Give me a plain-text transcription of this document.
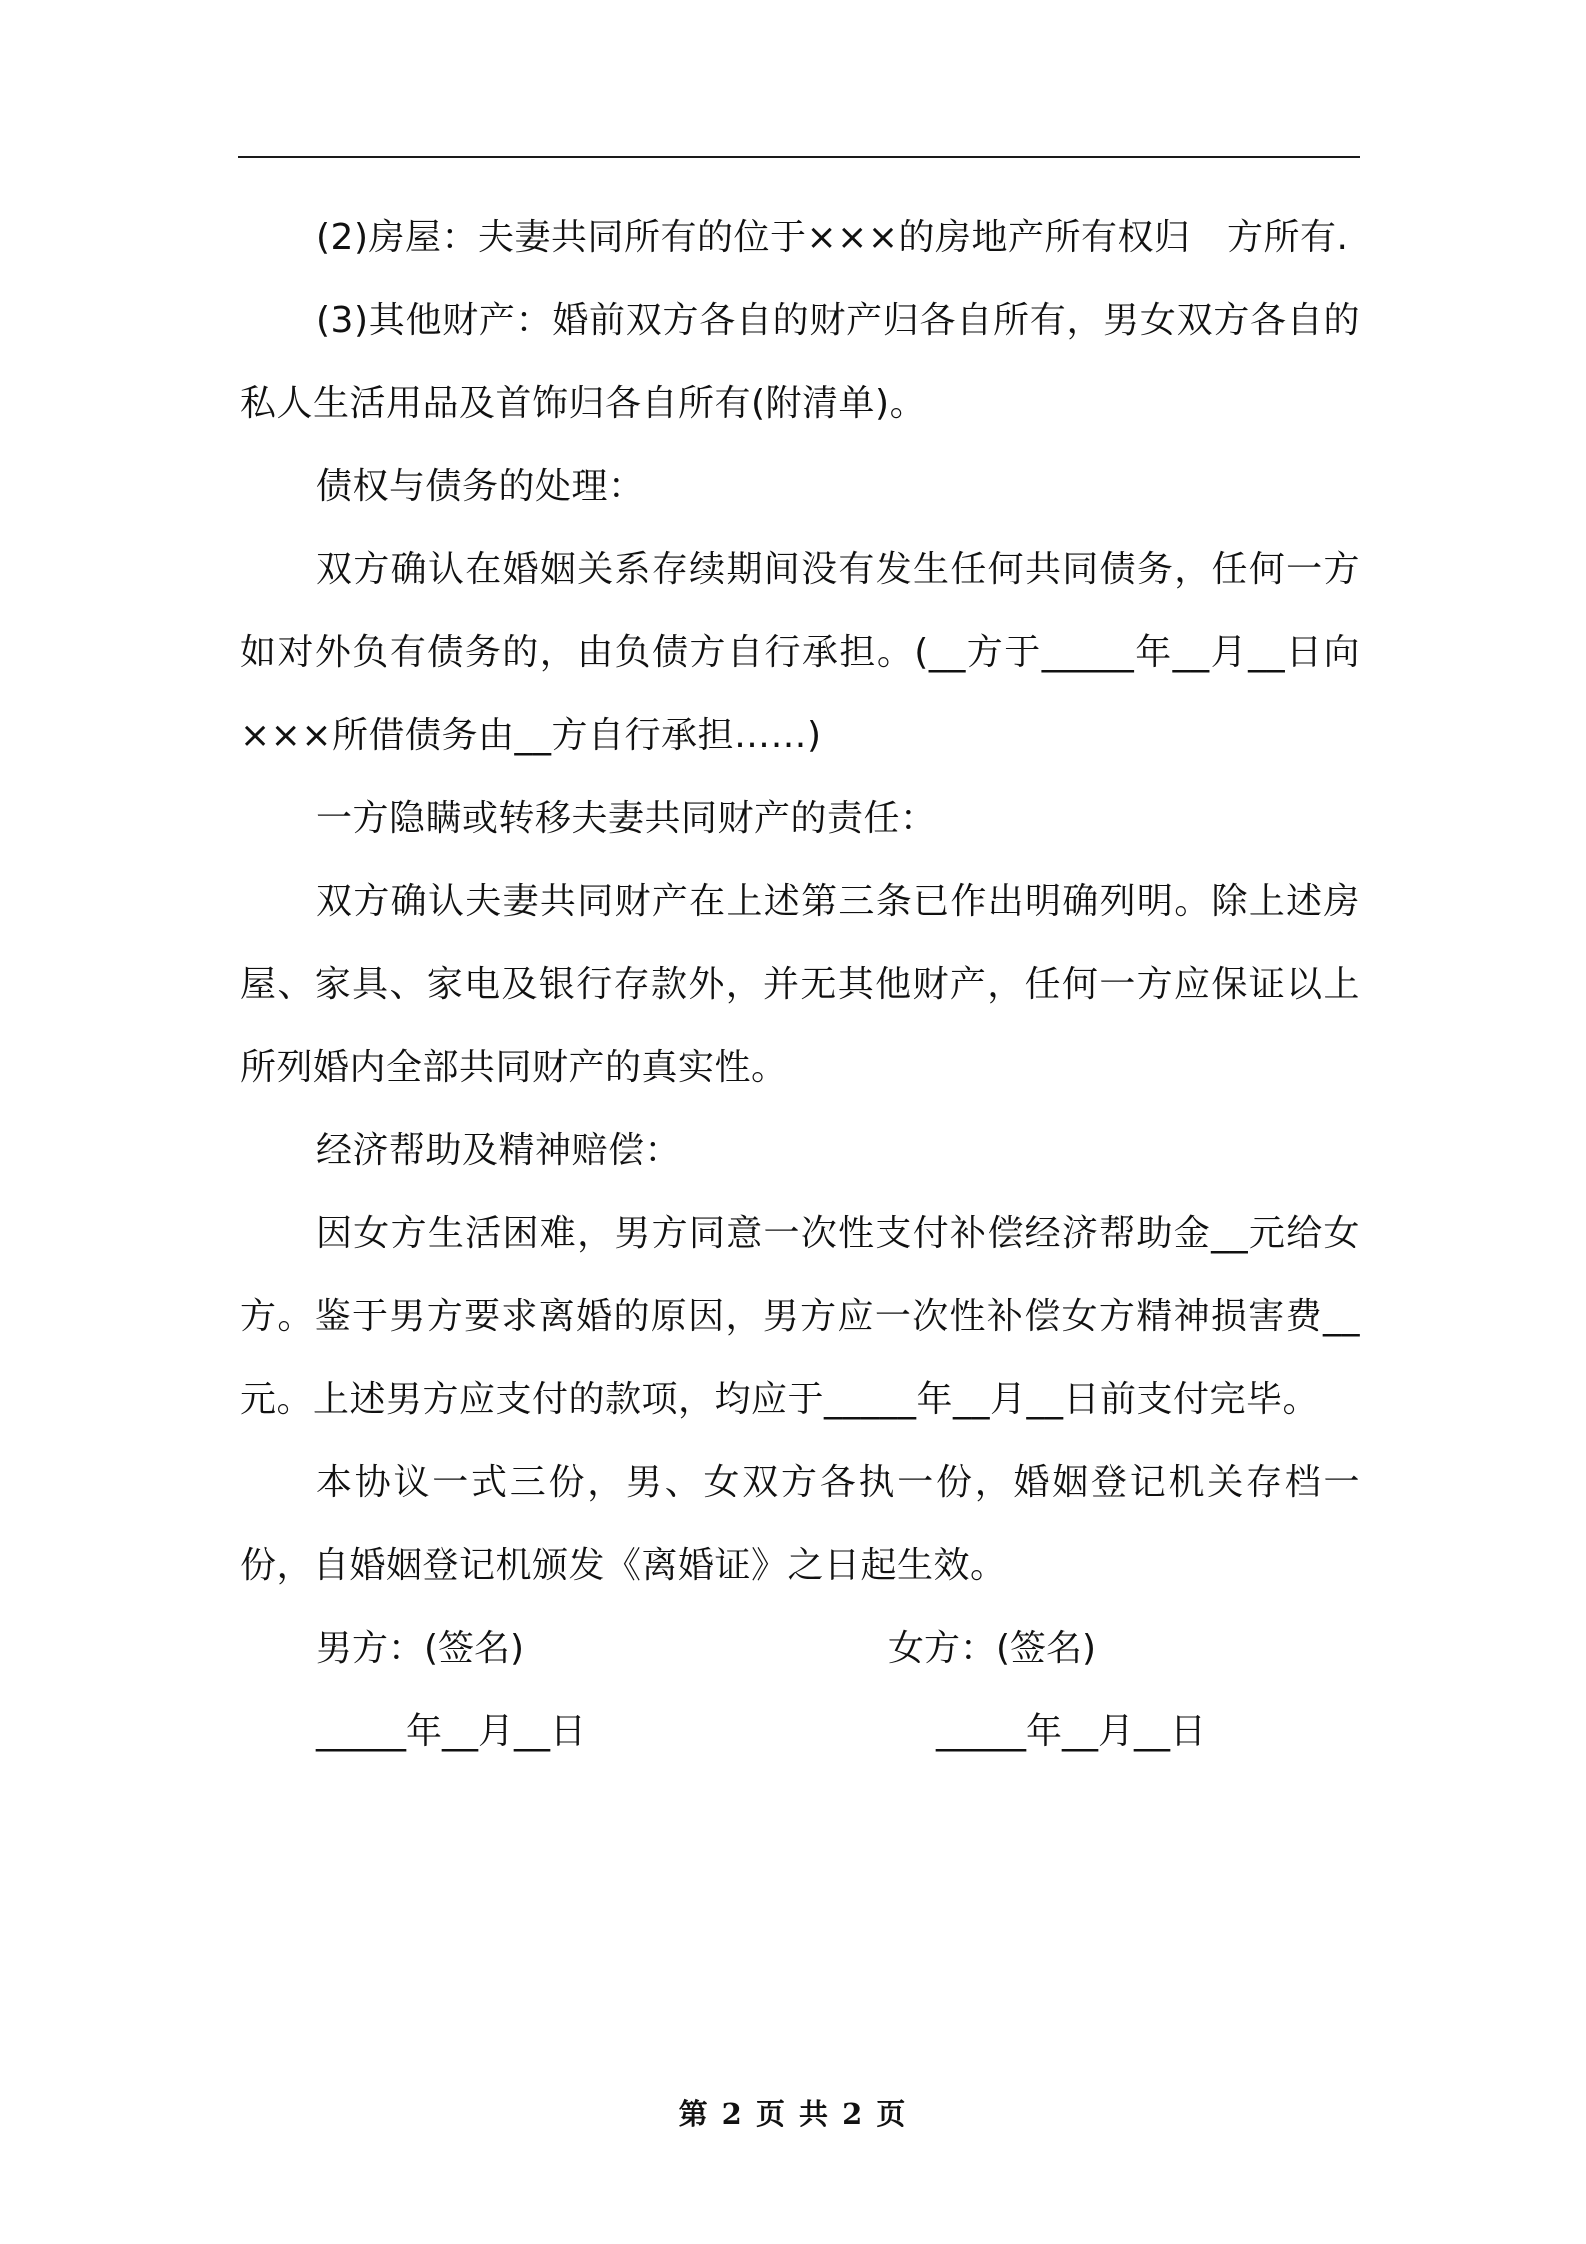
(2)房屋：夫妻共同所有的位于×××的房地产所有权归　方所有.

(3)其他财产：婚前双方各自的财产归各自所有，男女双方各自的私人生活用品及首饰归各自所有(附清单)。

债权与债务的处理：

双方确认在婚姻关系存续期间没有发生任何共同债务，任何一方如对外负有债务的，由负债方自行承担。(__方于_____年__月__日向×××所借债务由__方自行承担……)

一方隐瞒或转移夫妻共同财产的责任：

双方确认夫妻共同财产在上述第三条已作出明确列明。除上述房屋、家具、家电及银行存款外，并无其他财产，任何一方应保证以上所列婚内全部共同财产的真实性。

经济帮助及精神赔偿：

因女方生活困难，男方同意一次性支付补偿经济帮助金__元给女方。鉴于男方要求离婚的原因，男方应一次性补偿女方精神损害费__元。上述男方应支付的款项，均应于_____年__月__日前支付完毕。

本协议一式三份，男、女双方各执一份，婚姻登记机关存档一份，自婚姻登记机颁发《离婚证》之日起生效。

男方：(签名)	女方：(签名)
_____年__月__日	_____年__月__日
第 2 页 共 2 页
